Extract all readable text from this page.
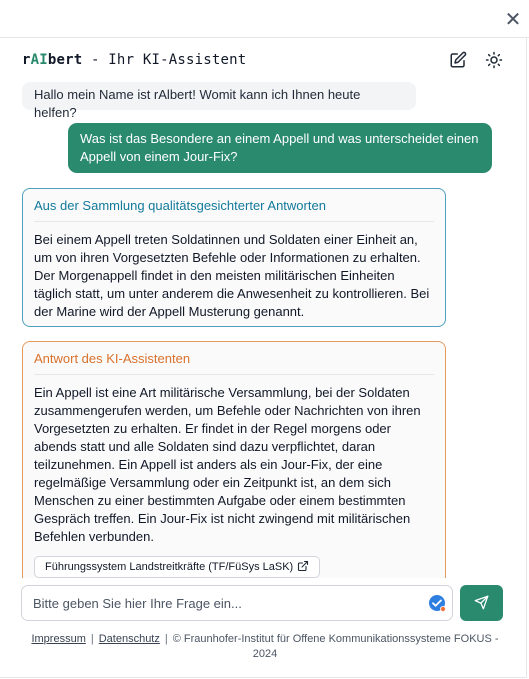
✕
rAIbert - Ihr KI-Assistent
Hallo mein Name ist rAlbert! Womit kann ich Ihnen heute helfen?
Was ist das Besondere an einem Appell und was unterscheidet einen Appell von einem Jour-Fix?
Aus der Sammlung qualitätsgesichterter Antworten
Bei einem Appell treten Soldatinnen und Soldaten einer Einheit an, um von ihren Vorgesetzten Befehle oder Informationen zu erhalten. Der Morgenappell findet in den meisten militärischen Einheiten täglich statt, um unter anderem die Anwesenheit zu kontrollieren. Bei der Marine wird der Appell Musterung genannt.
Antwort des KI-Assistenten
Ein Appell ist eine Art militärische Versammlung, bei der Soldaten zusammengerufen werden, um Befehle oder Nachrichten von ihren Vorgesetzten zu erhalten. Er findet in der Regel morgens oder abends statt und alle Soldaten sind dazu verpflichtet, daran teilzunehmen. Ein Appell ist anders als ein Jour-Fix, der eine regelmäßige Versammlung oder ein Zeitpunkt ist, an dem sich Menschen zu einer bestimmten Aufgabe oder einem bestimmten Gespräch treffen. Ein Jour-Fix ist nicht zwingend mit militärischen Befehlen verbunden.
Führungssystem Landstreitkräfte (TF/FüSys LaSK)
Bitte geben Sie hier Ihre Frage ein...
Impressum | Datenschutz | © Fraunhofer-Institut für Offene Kommunikationssysteme FOKUS - 2024
